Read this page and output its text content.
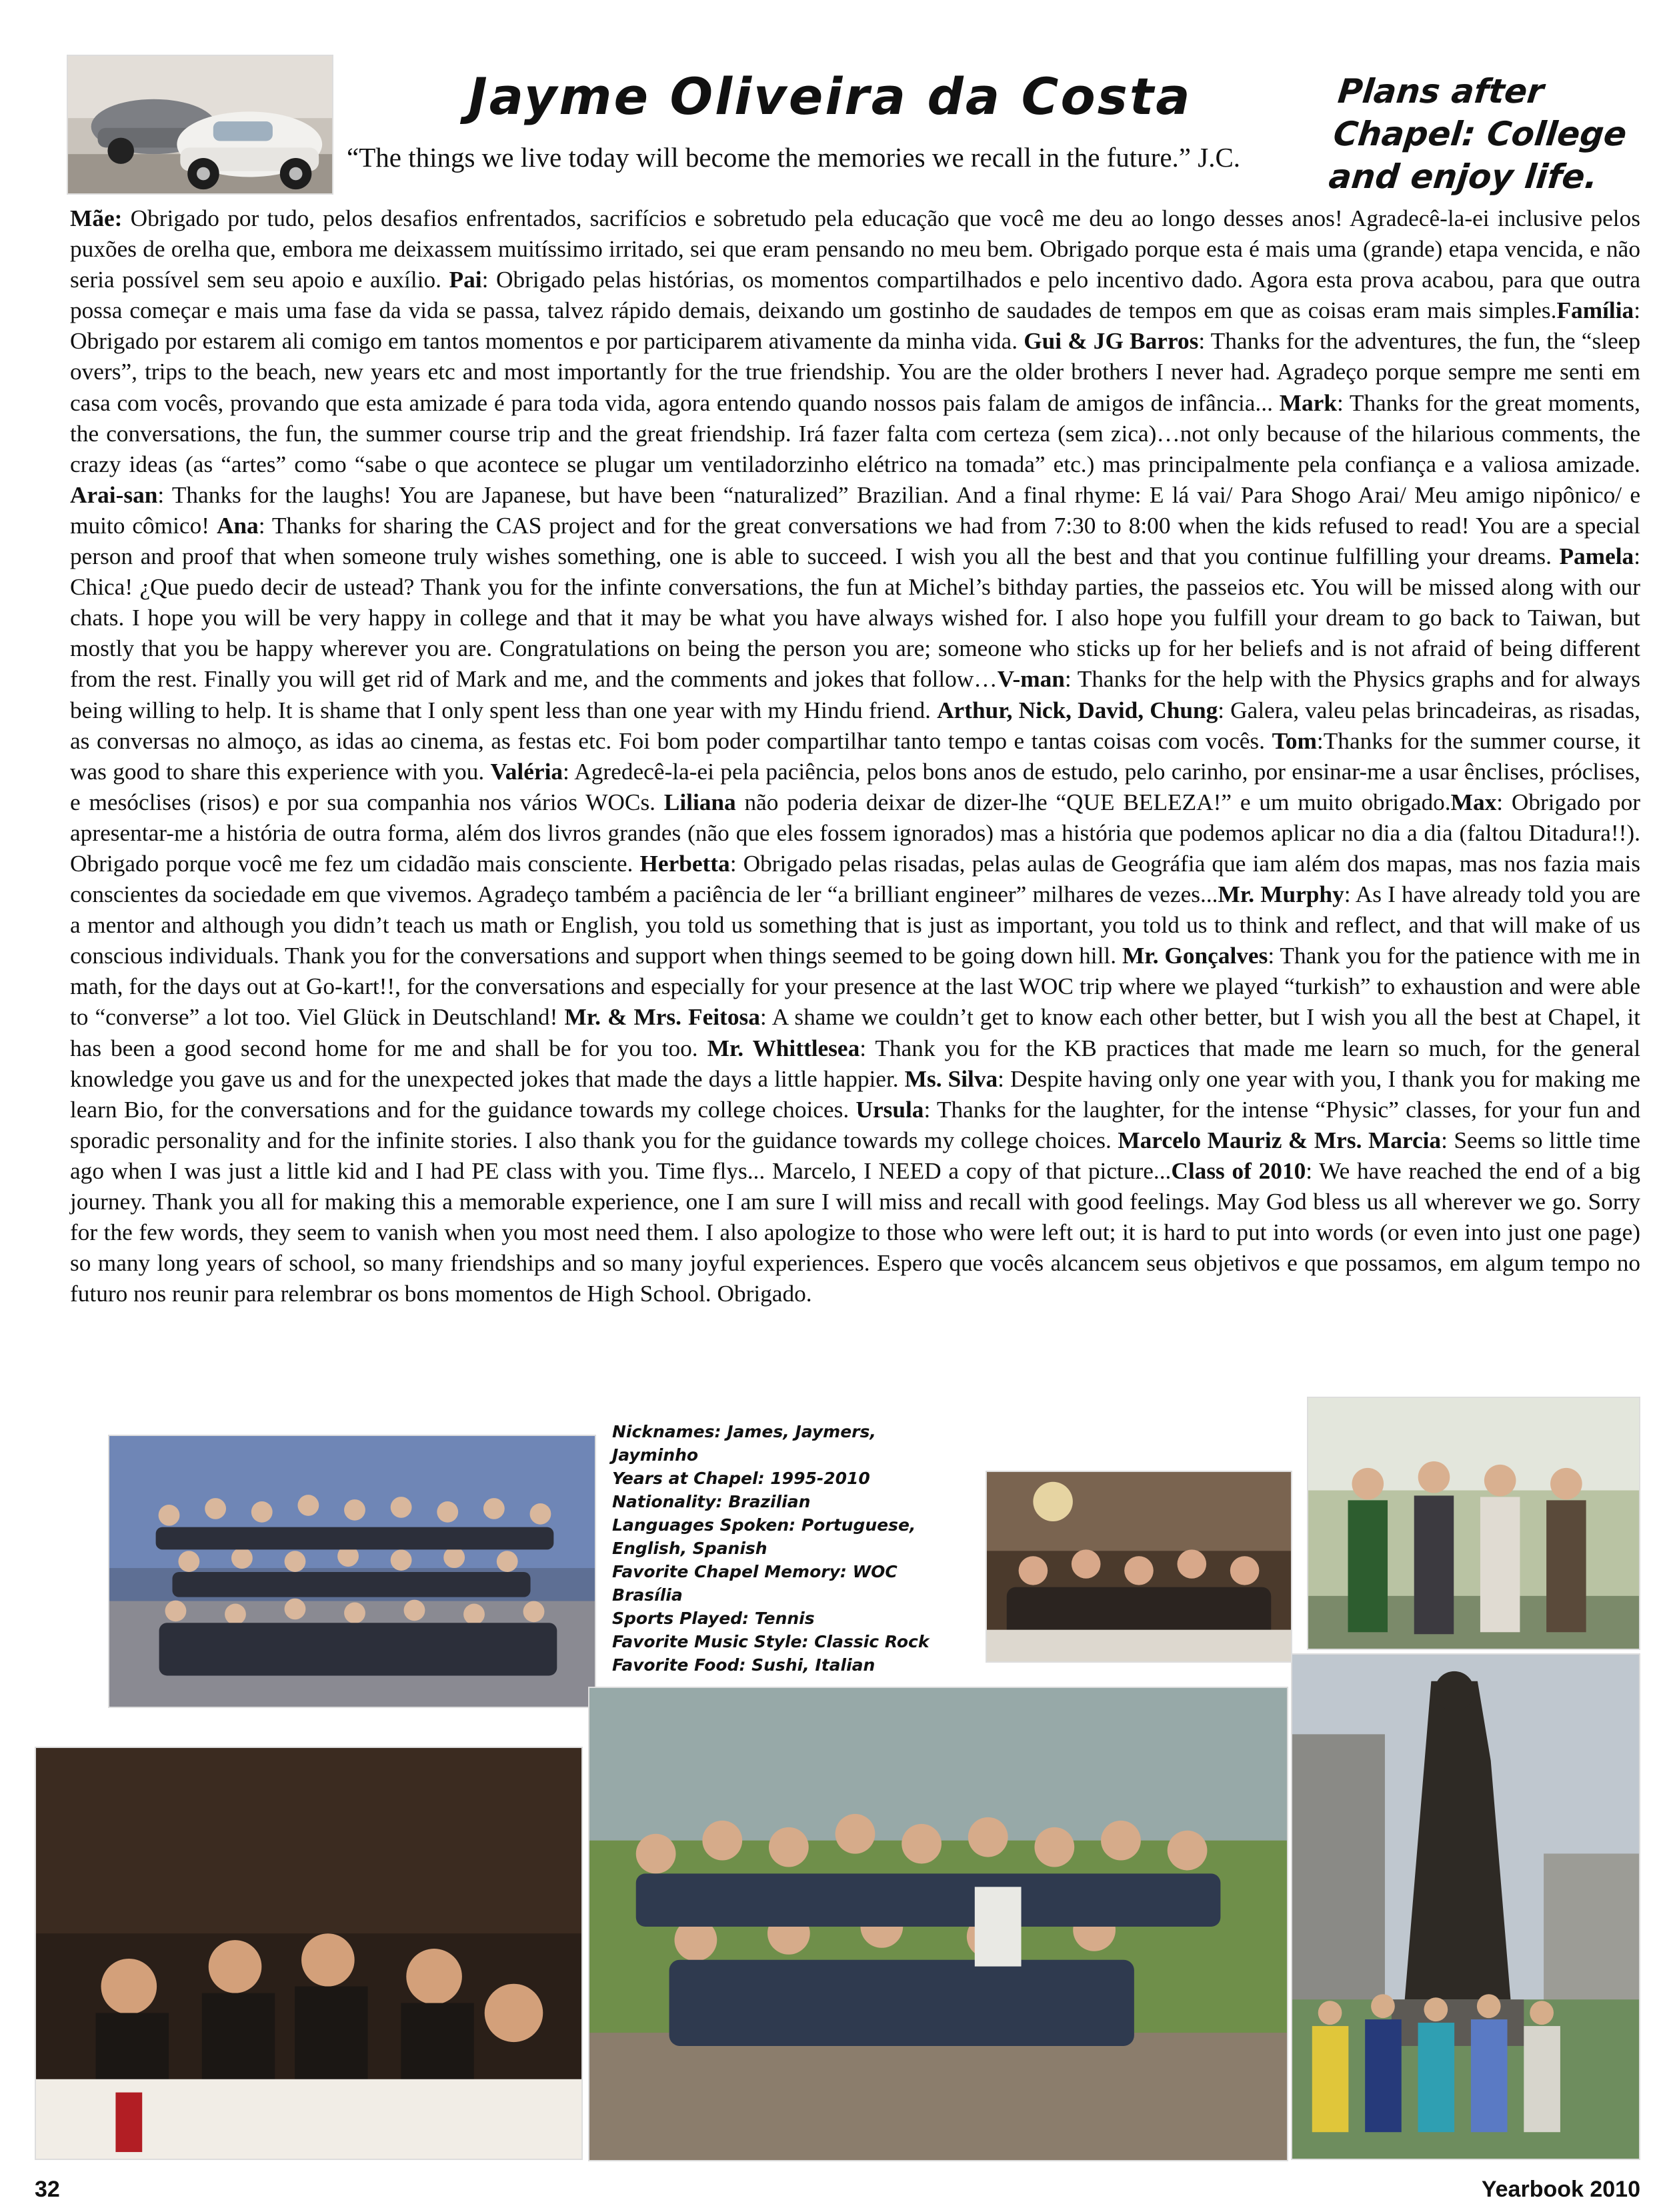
Jayme Oliveira da Costa
“The things we live today will become the memories we recall in the future.” J.C.
Plans after Chapel: College and enjoy life.

Mãe: Obrigado por tudo, pelos desafios enfrentados, sacrifícios e sobretudo pela educação que você me deu ao longo desses anos! Agradecê-la-ei inclusive pelos puxões de orelha que, embora me deixassem muitíssimo irritado, sei que eram pensando no meu bem. Obrigado porque esta é mais uma (grande) etapa vencida, e não seria possível sem seu apoio e auxílio. Pai: Obrigado pelas histórias, os momentos compartilhados e pelo incentivo dado. Agora esta prova acabou, para que outra possa começar e mais uma fase da vida se passa, talvez rápido demais, deixando um gostinho de saudades de tempos em que as coisas eram mais simples.Família: Obrigado por estarem ali comigo em tantos momentos e por participarem ativamente da minha vida. Gui & JG Barros: Thanks for the adventures, the fun, the “sleep overs”, trips to the beach, new years etc and most importantly for the true friendship. You are the older brothers I never had. Agradeço porque sempre me senti em casa com vocês, provando que esta amizade é para toda vida, agora entendo quando nossos pais falam de amigos de infância... Mark: Thanks for the great moments, the conversations, the fun, the summer course trip and the great friendship. Irá fazer falta com certeza (sem zica)…not only because of the hilarious comments, the crazy ideas (as “artes” como “sabe o que acontece se plugar um ventiladorzinho elétrico na tomada” etc.) mas principalmente pela confiança e a valiosa amizade. Arai-san: Thanks for the laughs! You are Japanese, but have been “naturalized” Brazilian. And a final rhyme: E lá vai/ Para Shogo Arai/ Meu amigo nipônico/ e muito cômico! Ana: Thanks for sharing the CAS project and for the great conversations we had from 7:30 to 8:00 when the kids refused to read! You are a special person and proof that when someone truly wishes something, one is able to succeed. I wish you all the best and that you continue fulfilling your dreams. Pamela: Chica! ¿Que puedo decir de ustead? Thank you for the infinte conversations, the fun at Michel’s bithday parties, the passeios etc. You will be missed along with our chats. I hope you will be very happy in college and that it may be what you have always wished for. I also hope you fulfill your dream to go back to Taiwan, but mostly that you be happy wherever you are. Congratulations on being the person you are; someone who sticks up for her beliefs and is not afraid of being different from the rest. Finally you will get rid of Mark and me, and the comments and jokes that follow…V-man: Thanks for the help with the Physics graphs and for always being willing to help. It is shame that I only spent less than one year with my Hindu friend. Arthur, Nick, David, Chung: Galera, valeu pelas brincadeiras, as risadas, as conversas no almoço, as idas ao cinema, as festas etc. Foi bom poder compartilhar tanto tempo e tantas coisas com vocês. Tom:Thanks for the summer course, it was good to share this experience with you. Valéria: Agredecê-la-ei pela paciência, pelos bons anos de estudo, pelo carinho, por ensinar-me a usar ênclises, próclises, e mesóclises (risos) e por sua companhia nos vários WOCs. Liliana não poderia deixar de dizer-lhe “QUE BELEZA!” e um muito obrigado.Max: Obrigado por apresentar-me a história de outra forma, além dos livros grandes (não que eles fossem ignorados) mas a história que podemos aplicar no dia a dia (faltou Ditadura!!). Obrigado porque você me fez um cidadão mais consciente. Herbetta: Obrigado pelas risadas, pelas aulas de Geográfia que iam além dos mapas, mas nos fazia mais conscientes da sociedade em que vivemos. Agradeço também a paciência de ler “a brilliant engineer” milhares de vezes...Mr. Murphy: As I have already told you are a mentor and although you didn’t teach us math or English, you told us something that is just as important, you told us to think and reflect, and that will make of us conscious individuals. Thank you for the conversations and support when things seemed to be going down hill. Mr. Gonçalves: Thank you for the patience with me in math, for the days out at Go-kart!!, for the conversations and especially for your presence at the last WOC trip where we played “turkish” to exhaustion and were able to “converse” a lot too. Viel Glück in Deutschland! Mr. & Mrs. Feitosa: A shame we couldn’t get to know each other better, but I wish you all the best at Chapel, it has been a good second home for me and shall be for you too. Mr. Whittlesea: Thank you for the KB practices that made me learn so much, for the general knowledge you gave us and for the unexpected jokes that made the days a little happier. Ms. Silva: Despite having only one year with you, I thank you for making me learn Bio, for the conversations and for the guidance towards my college choices. Ursula: Thanks for the laughter, for the intense “Physic” classes, for your fun and sporadic personality and for the infinite stories. I also thank you for the guidance towards my college choices. Marcelo Mauriz & Mrs. Marcia: Seems so little time ago when I was just a little kid and I had PE class with you. Time flys... Marcelo, I NEED a copy of that picture...Class of 2010: We have reached the end of a big journey. Thank you all for making this a memorable experience, one I am sure I will miss and recall with good feelings. May God bless us all wherever we go. Sorry for the few words, they seem to vanish when you most need them. I also apologize to those who were left out; it is hard to put into words (or even into just one page) so many long years of school, so many friendships and so many joyful experiences. Espero que vocês alcancem seus objetivos e que possamos, em algum tempo no futuro nos reunir para relembrar os bons momentos de High School. Obrigado.

Nicknames: James, Jaymers, Jayminho
Years at Chapel: 1995-2010
Nationality: Brazilian
Languages Spoken: Portuguese, English, Spanish
Favorite Chapel Memory: WOC Brasília
Sports Played: Tennis
Favorite Music Style: Classic Rock
Favorite Food: Sushi, Italian
32	Yearbook 2010
